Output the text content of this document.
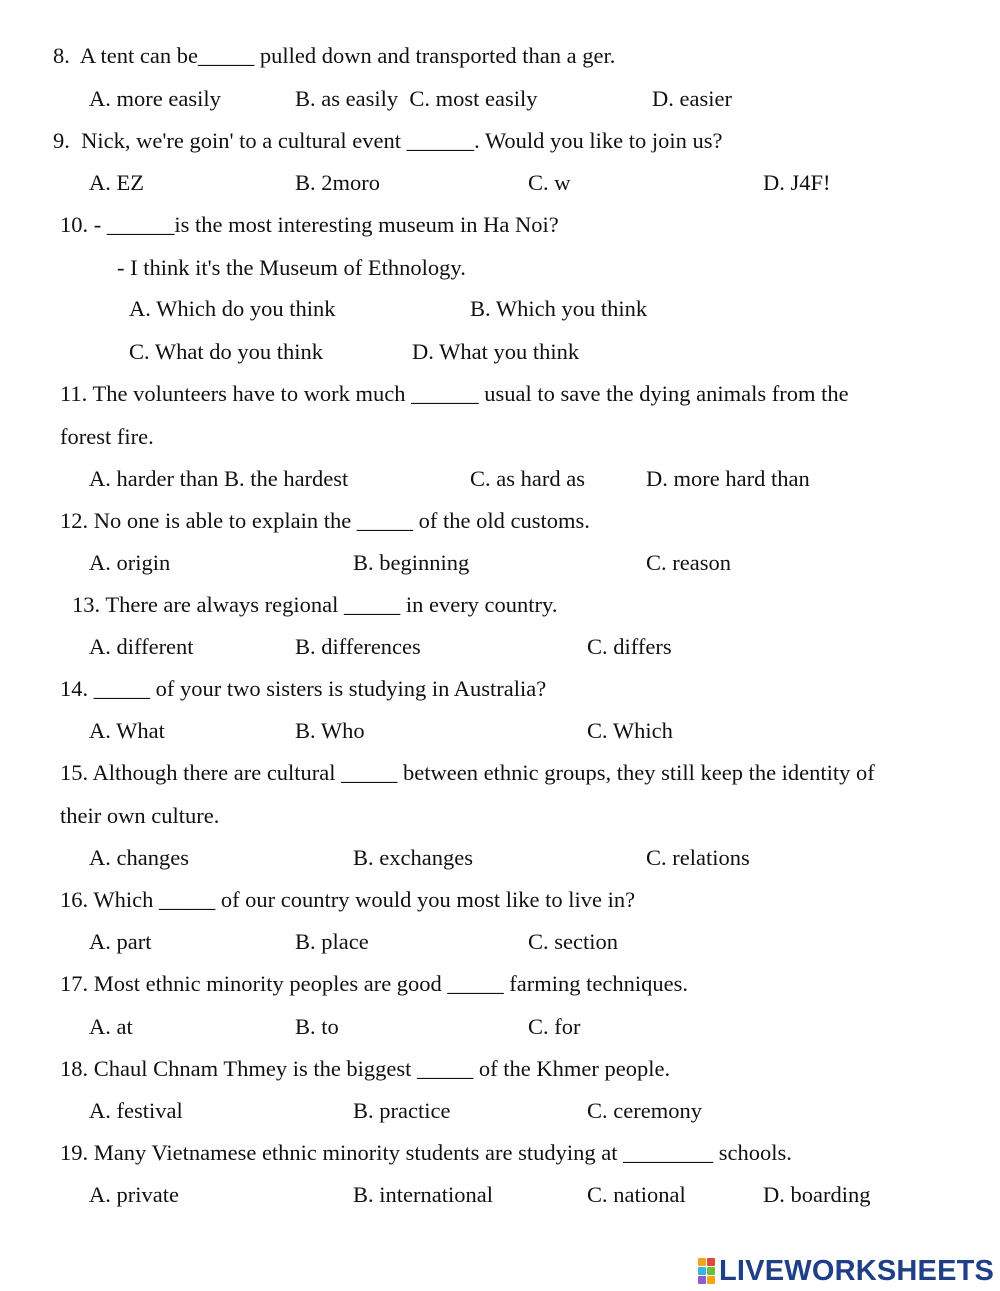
8.  A tent can be_____ pulled down and transported than a ger.
A. more easily	B. as easily  C. most easily	D. easier
9.  Nick, we're goin' to a cultural event ______. Would you like to join us?
A. EZ	B. 2moro	C. w	D. J4F!
10. - ______is the most interesting museum in Ha Noi?
- I think it's the Museum of Ethnology.
A. Which do you think	B. Which you think
C. What do you think	D. What you think
11. The volunteers have to work much ______ usual to save the dying animals from the
forest fire.
A. harder than B. the hardest	C. as hard as	D. more hard than
12. No one is able to explain the _____ of the old customs.
A. origin	B. beginning	C. reason
13. There are always regional _____ in every country.
A. different	B. differences	C. differs
14. _____ of your two sisters is studying in Australia?
A. What	B. Who	C. Which
15. Although there are cultural _____ between ethnic groups, they still keep the identity of
their own culture.
A. changes	B. exchanges	C. relations
16. Which _____ of our country would you most like to live in?
A. part	B. place	C. section
17. Most ethnic minority peoples are good _____ farming techniques.
A. at	B. to	C. for
18. Chaul Chnam Thmey is the biggest _____ of the Khmer people.
A. festival	B. practice	C. ceremony
19. Many Vietnamese ethnic minority students are studying at ________ schools.
A. private	B. international	C. national	D. boarding
LIVEWORKSHEETS
